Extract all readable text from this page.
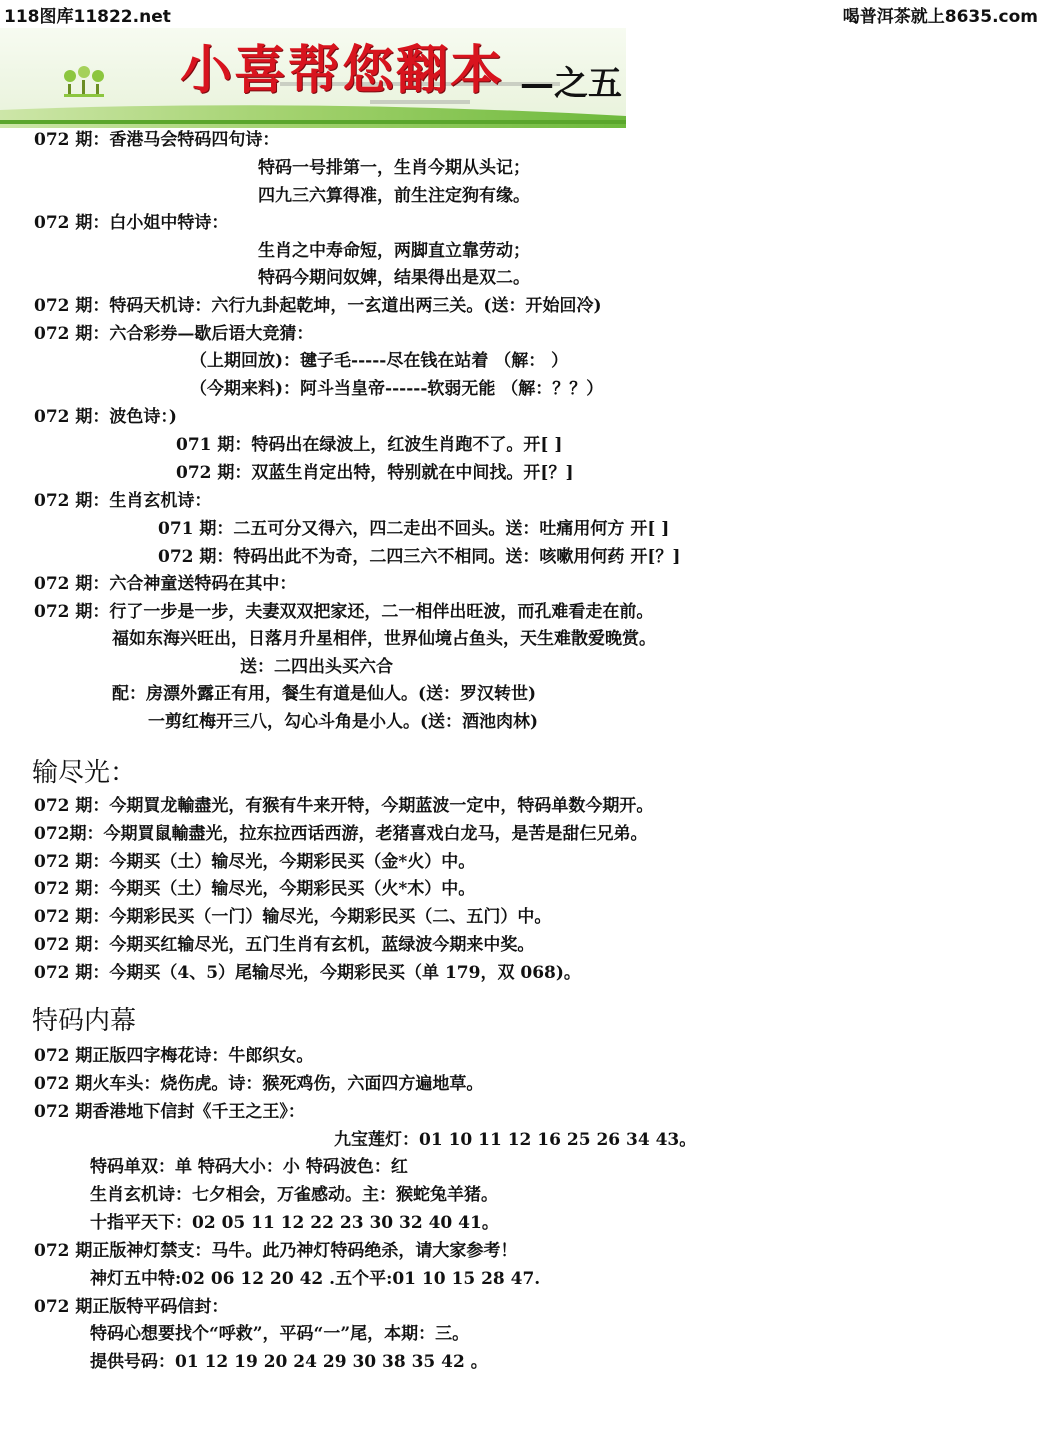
118图库11822.net	喝普洱茶就上8635.com
小喜帮您翻本 —之五
072 期：香港马会特码四句诗：
特码一号排第一，生肖今期从头记；
四九三六算得准，前生注定狗有缘。
072 期：白小姐中特诗：
生肖之中寿命短，两脚直立靠劳动；
特码今期问奴婢，结果得出是双二。
072 期：特码天机诗：六行九卦起乾坤，一玄道出两三关。(送：开始回冷)
072 期：六合彩券—歇后语大竞猜：
（上期回放)：毽子毛-----尽在钱在站着 （解： ）
（今期来料)：阿斗当皇帝------软弱无能 （解：？？）
072 期：波色诗：)
071 期：特码出在绿波上，红波生肖跑不了。开[ ]
072 期：双蓝生肖定出特，特别就在中间找。开[？]
072 期：生肖玄机诗：
071 期：二五可分又得六，四二走出不回头。送：吐痛用何方 开[ ]
072 期：特码出此不为奇，二四三六不相同。送：咳嗽用何药 开[？]
072 期：六合神童送特码在其中：
072 期：行了一步是一步，夫妻双双把家还，二一相伴出旺波，而孔难看走在前。
福如东海兴旺出，日落月升星相伴，世界仙境占鱼头，天生难散爱晚赏。
送：二四出头买六合
配：房漂外露正有用，餐生有道是仙人。(送：罗汉转世)
一剪红梅开三八，勾心斗角是小人。(送：酒池肉林)
输尽光：
072 期：今期買龙輸盡光，有猴有牛来开特，今期蓝波一定中，特码单数今期开。
072期：今期買鼠輸盡光，拉东拉西话西游，老猪喜戏白龙马，是苦是甜仨兄弟。
072 期：今期买（土）输尽光，今期彩民买（金*火）中。
072 期：今期买（土）输尽光，今期彩民买（火*木）中。
072 期：今期彩民买（一门）输尽光，今期彩民买（二、五门）中。
072 期：今期买红输尽光，五门生肖有玄机，蓝绿波今期来中奖。
072 期：今期买（4、5）尾输尽光，今期彩民买（单 179，双 068)。
特码内幕
072 期正版四字梅花诗：牛郎织女。
072 期火车头：烧伤虎。诗：猴死鸡伤，六面四方遍地草。
072 期香港地下信封《千王之王》：
九宝莲灯：01 10 11 12 16 25 26 34 43。
特码单双：单 特码大小：小 特码波色：红
生肖玄机诗：七夕相会，万雀感动。主：猴蛇兔羊猪。
十指平天下：02 05 11 12 22 23 30 32 40 41。
072 期正版神灯禁支：马牛。此乃神灯特码绝杀，请大家参考！
神灯五中特:02 06 12 20 42 .五个平:01 10 15 28 47.
072 期正版特平码信封：
特码心想要找个“呼救”，平码“一”尾，本期：三。
提供号码：01 12 19 20 24 29 30 38 35 42 。
